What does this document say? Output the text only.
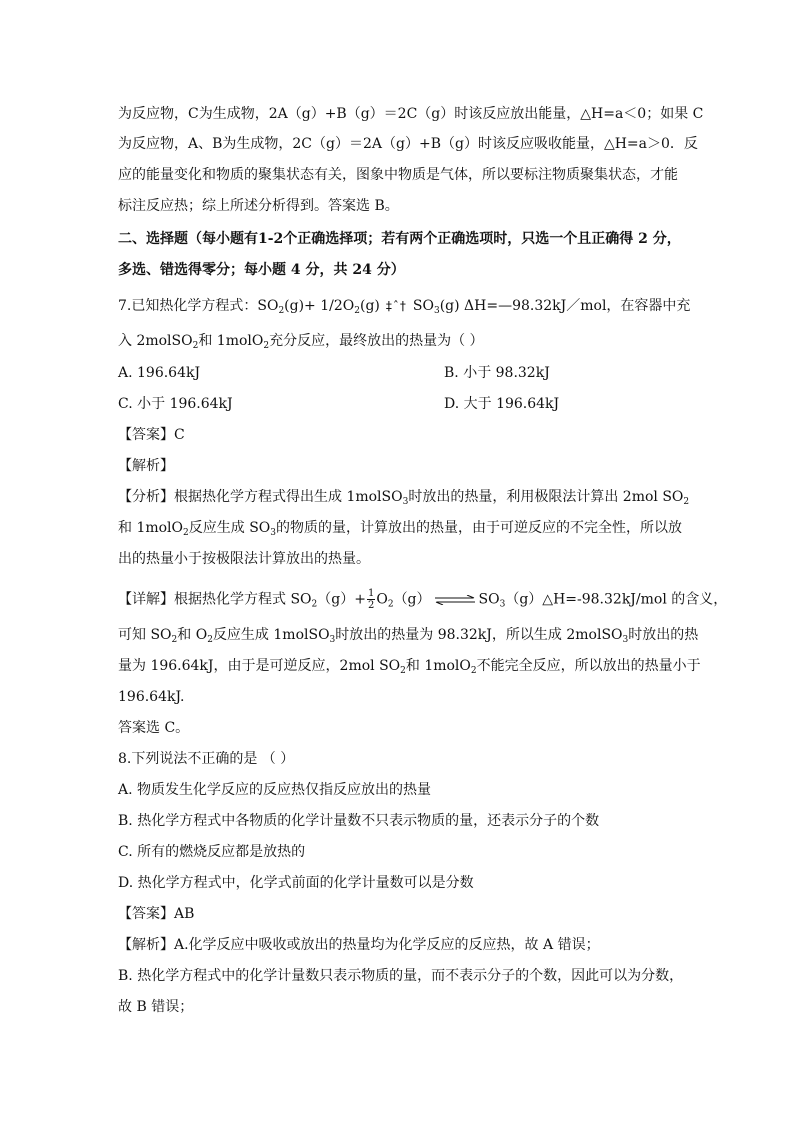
为反应物，C为生成物，2A（g）+B（g）＝2C（g）时该反应放出能量，△H=a＜0；如果 C
为反应物，A、B为生成物，2C（g）＝2A（g）+B（g）时该反应吸收能量，△H=a＞0．反
应的能量变化和物质的聚集状态有关，图象中物质是气体，所以要标注物质聚集状态，才能
标注反应热；综上所述分析得到。答案选 B。
二、选择题（每小题有1-2个正确选择项；若有两个正确选项时，只选一个且正确得 2 分，
多选、错选得零分；每小题 4 分，共 24 分）
7.已知热化学方程式：$SO_2(g)+ 1/2O_2(g)$ ‡ˆ† $SO_3(g)$ ΔH=—98.32kJ／mol，在容器中充
入 2molSO$_2$和 1molO$_2$充分反应，最终放出的热量为（ ）
A. 196.64kJ	B. 小于 98.32kJ
C. 小于 196.64kJ	D. 大于 196.64kJ
【答案】C
【解析】
【分析】根据热化学方程式得出生成 1molSO$_3$时放出的热量，利用极限法计算出 2mol $SO_2$
和 1molO$_2$反应生成 $SO_3$的物质的量，计算放出的热量，由于可逆反应的不完全性，所以放
出的热量小于按极限法计算放出的热量。
【详解】根据热化学方程式 $SO_2(g)+ \frac{1}{2} O_2(g)$ ⇌ $SO_3(g)\triangle H=-98.32kJ$/mol 的含义，
可知 $SO_2$和 $O_2$反应生成 1molSO$_3$时放出的热量为 98.32kJ，所以生成 2molSO$_3$时放出的热
量为 196.64kJ，由于是可逆反应，2mol $SO_2$和 1molO$_2$不能完全反应，所以放出的热量小于
196.64kJ.
答案选 C。
8.下列说法不正确的是 （ ）
A. 物质发生化学反应的反应热仅指反应放出的热量
B. 热化学方程式中各物质的化学计量数不只表示物质的量，还表示分子的个数
C. 所有的燃烧反应都是放热的
D. 热化学方程式中，化学式前面的化学计量数可以是分数
【答案】AB
【解析】A.化学反应中吸收或放出的热量均为化学反应的反应热，故 A 错误；
B. 热化学方程式中的化学计量数只表示物质的量，而不表示分子的个数，因此可以为分数，
故 B 错误；
